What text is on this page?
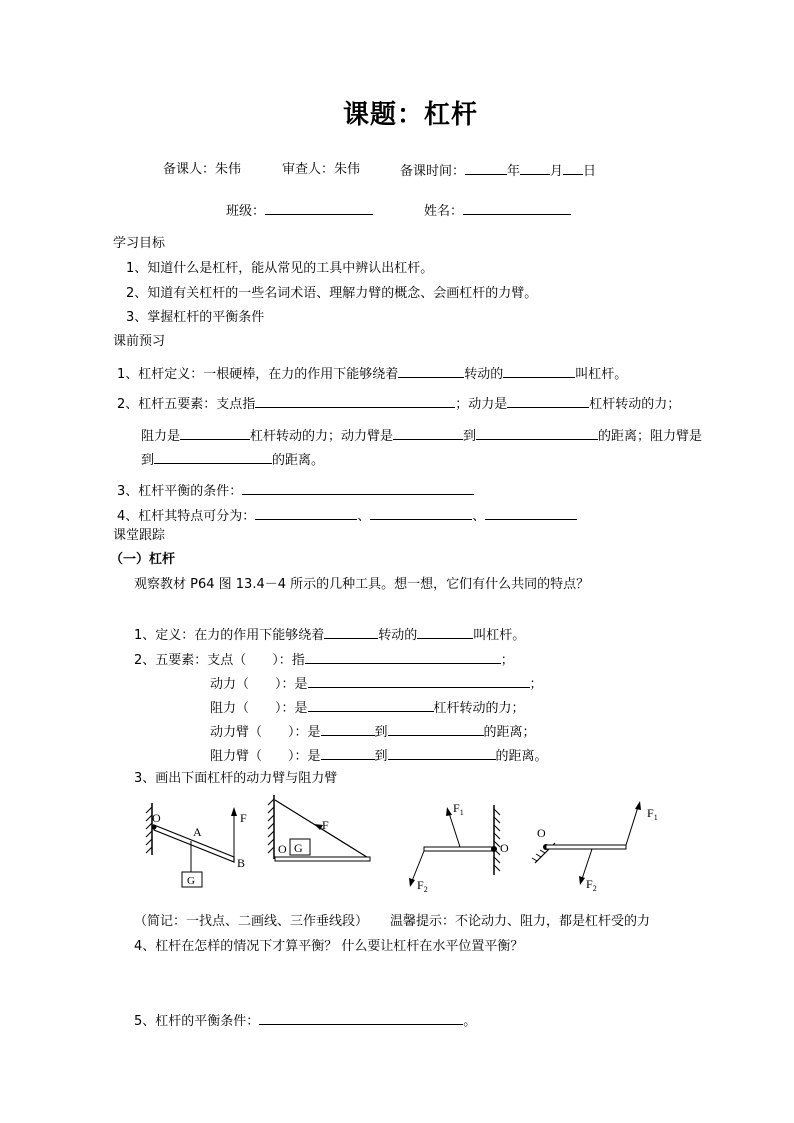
课题：杠杆
备课人：朱伟	审查人：朱伟	备课时间：	年 月 日
班级：	姓名：
学习目标
1、知道什么是杠杆，能从常见的工具中辨认出杠杆。
2、知道有关杠杆的一些名词术语、理解力臂的概念、会画杠杆的力臂。
3、掌握杠杆的平衡条件
课前预习
1、杠杆定义：一根硬棒，在力的作用下能够绕着	转动的	叫杠杆。
2、杠杆五要素：支点指	；动力是	杠杆转动的力；
阻力是	杠杆转动的力；动力臂是	到	的距离；阻力臂是
到	的距离。
3、杠杆平衡的条件：
4、杠杆其特点可分为：	、	、
课堂跟踪
（一）杠杆
观察教材 P64 图 13.4－4 所示的几种工具。想一想，它们有什么共同的特点？
1、定义：在力的作用下能够绕着	转动的	叫杠杆。
2、五要素：支点（　　）：指	；
动力（　　）：是	；
阻力（　　）：是	杠杆转动的力；
动力臂（　　）：是	到	的距离；
阻力臂（　　）：是	到	的距离。
3、画出下面杠杆的动力臂与阻力臂
O
A
B
F
G
O G
F
O
$F_1$
$F_2$
O
$F_1$
$F_2$
（简记：一找点、二画线、三作垂线段） 温馨提示：不论动力、阻力，都是杠杆受的力
4、杠杆在怎样的情况下才算平衡？ 什么要让杠杆在水平位置平衡？
5、杠杆的平衡条件：	。
